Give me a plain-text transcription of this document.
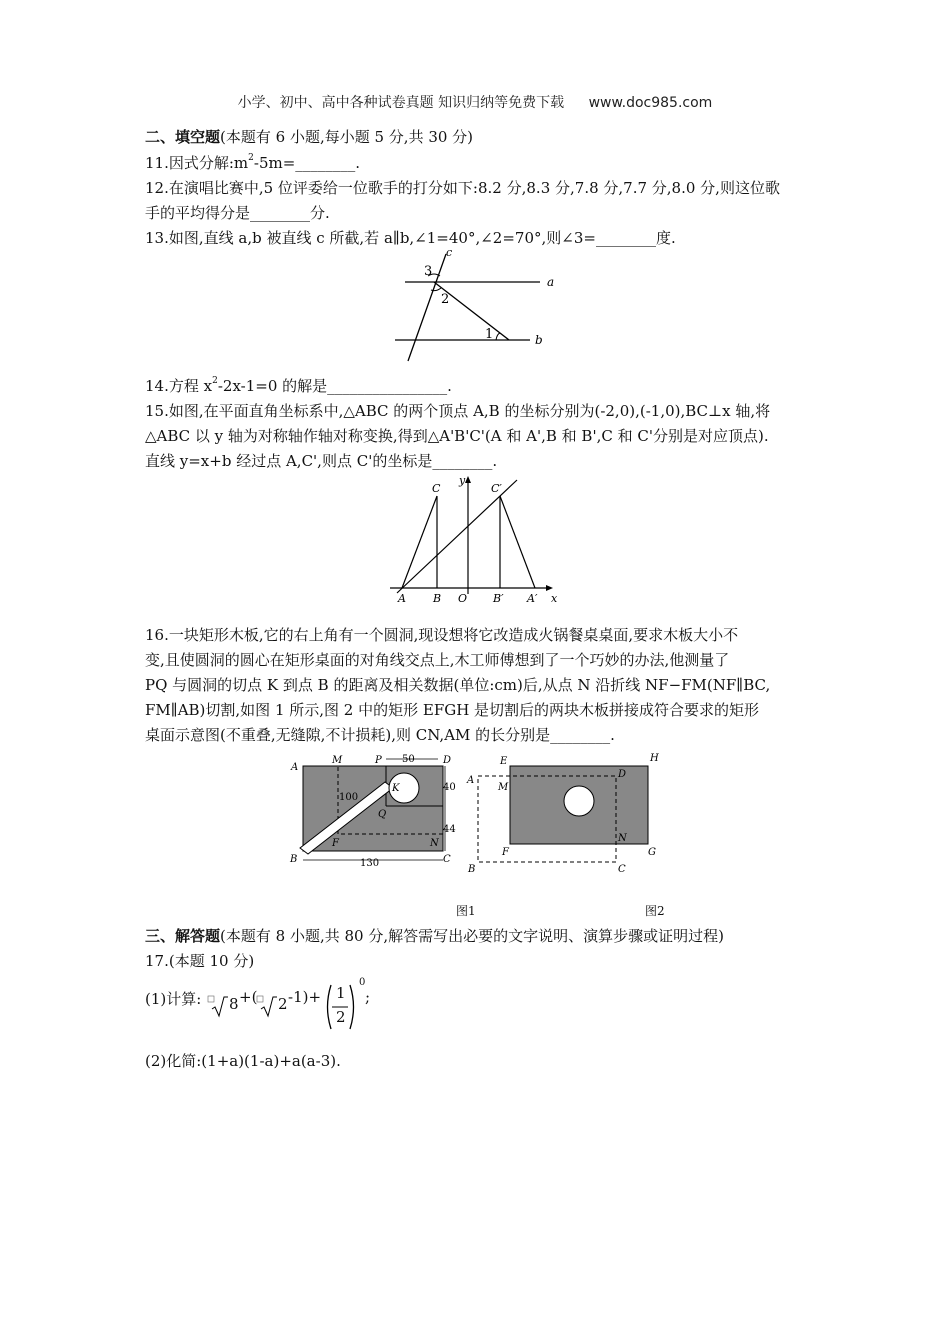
小学、初中、高中各种试卷真题 知识归纳等免费下载 www.doc985.com
二、填空题(本题有 6 小题,每小题 5 分,共 30 分)
11.因式分解$:m^2-5m=\_\_\_\_\_\_\_\_$.
12.在演唱比赛中,5 位评委给一位歌手的打分如下:8.2 分,8.3 分,7.8 分,7.7 分,8.0 分,则这位歌
手的平均得分是________分.
13.如图,直线 a,b 被直线 c 所截,若 a∥b,∠1=40°,∠2=70°,则∠3=________度.
c
a
b
3
2
1
14.方程 $x^2-2x-1=0$ 的解是________________.
15.如图,在平面直角坐标系中,△ABC 的两个顶点 A,B 的坐标分别为(-2,0),(-1,0),BC⊥x 轴,将
△ABC 以 y 轴为对称轴作轴对称变换,得到△A'B'C'(A 和 A',B 和 B',C 和 C'分别是对应顶点).
直线 y=x+b 经过点 A,C',则点 C'的坐标是________.
C
y
C′
A B O B′ A′ x
16.一块矩形木板,它的右上角有一个圆洞,现设想将它改造成火锅餐桌桌面,要求木板大小不
变,且使圆洞的圆心在矩形桌面的对角线交点上,木工师傅想到了一个巧妙的办法,他测量了
PQ 与圆洞的切点 K 到点 B 的距离及相关数据(单位:cm)后,从点 N 沿折线 NF−FM(NF∥BC,
FM∥AB)切割,如图 1 所示,图 2 中的矩形 EFGH 是切割后的两块木板拼接成符合要求的矩形
桌面示意图(不重叠,无缝隙,不计损耗),则 CN,AM 的长分别是________.
A
M	P	D
50
K	40
100
Q
44
F	N
B	C
130
E	H
D
A
M
N
F	G
B	C
图1	图2
三、解答题(本题有 8 小题,共 80 分,解答需写出必要的文字说明、演算步骤或证明过程)
17.(本题 10 分)
(1)计算: 8 +( 2 -1)+ 1
2
0
;
(2)化简:(1+a)(1-a)+a(a-3).
